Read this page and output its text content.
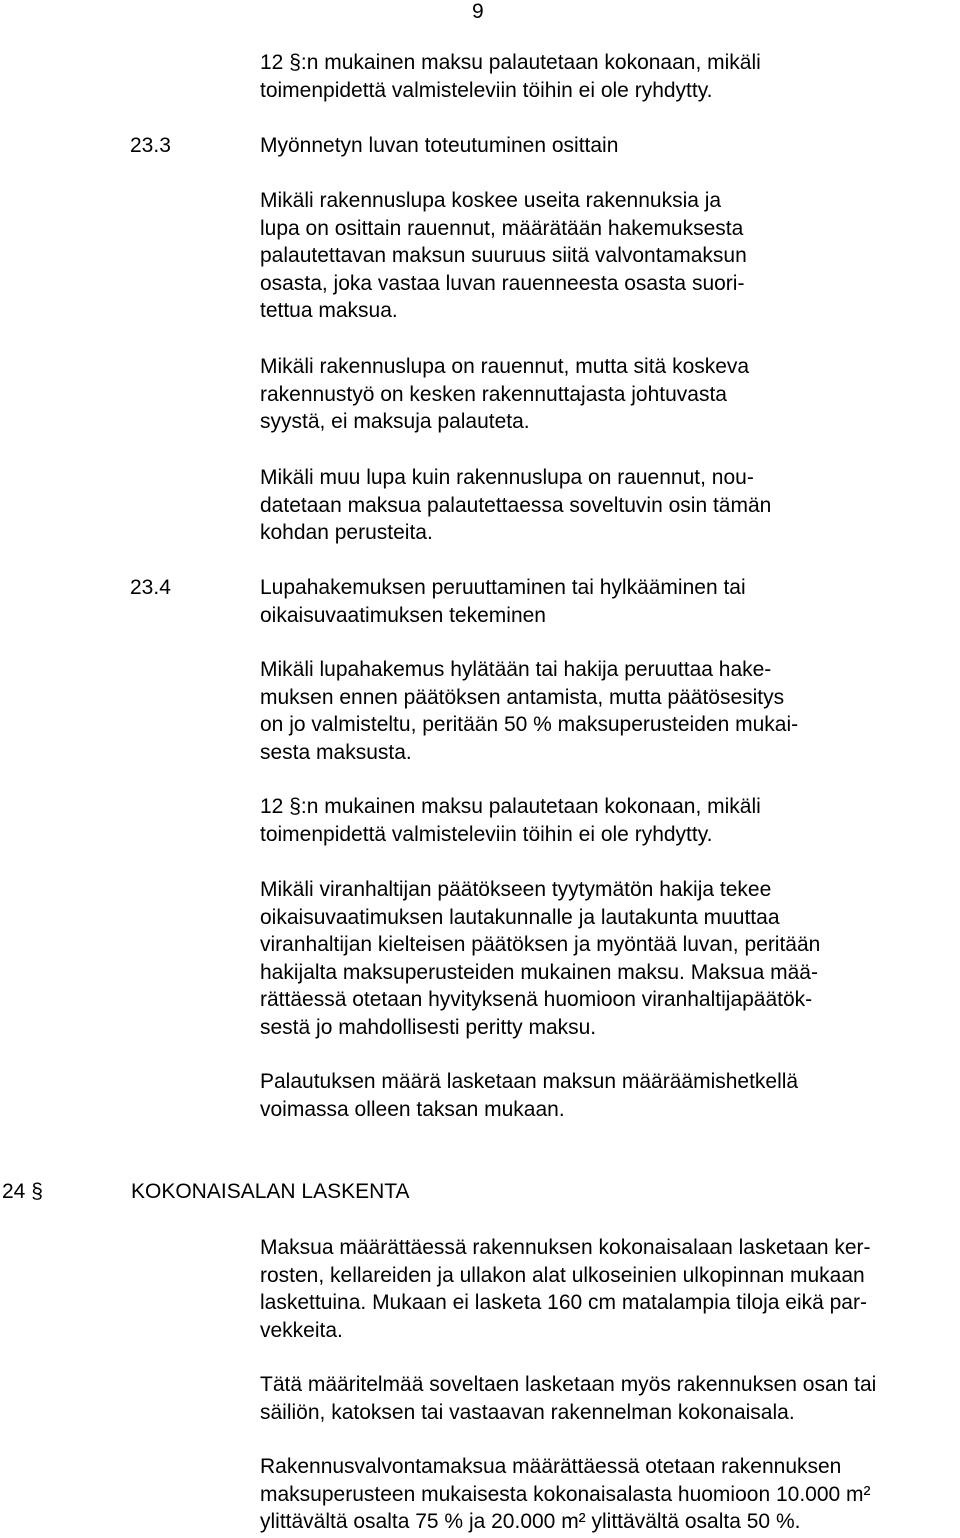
9
12 §:n mukainen maksu palautetaan kokonaan, mikäli
toimenpidettä valmisteleviin töihin ei ole ryhdytty.
23.3	Myönnetyn luvan toteutuminen osittain
Mikäli rakennuslupa koskee useita rakennuksia ja
lupa on osittain rauennut, määrätään hakemuksesta
palautettavan maksun suuruus siitä valvontamaksun
osasta, joka vastaa luvan rauenneesta osasta suori-
tettua maksua.
Mikäli rakennuslupa on rauennut, mutta sitä koskeva
rakennustyö on kesken rakennuttajasta johtuvasta
syystä, ei maksuja palauteta.
Mikäli muu lupa kuin rakennuslupa on rauennut, nou-
datetaan maksua palautettaessa soveltuvin osin tämän
kohdan perusteita.
23.4	Lupahakemuksen peruuttaminen tai hylkääminen tai
oikaisuvaatimuksen tekeminen
Mikäli lupahakemus hylätään tai hakija peruuttaa hake-
muksen ennen päätöksen antamista, mutta päätösesitys
on jo valmisteltu, peritään 50 % maksuperusteiden mukai-
sesta maksusta.
12 §:n mukainen maksu palautetaan kokonaan, mikäli
toimenpidettä valmisteleviin töihin ei ole ryhdytty.
Mikäli viranhaltijan päätökseen tyytymätön hakija tekee
oikaisuvaatimuksen lautakunnalle ja lautakunta muuttaa
viranhaltijan kielteisen päätöksen ja myöntää luvan, peritään
hakijalta maksuperusteiden mukainen maksu. Maksua mää-
rättäessä otetaan hyvityksenä huomioon viranhaltijapäätök-
sestä jo mahdollisesti peritty maksu.
Palautuksen määrä lasketaan maksun määräämishetkellä
voimassa olleen taksan mukaan.
24 §	KOKONAISALAN LASKENTA
Maksua määrättäessä rakennuksen kokonaisalaan lasketaan ker-
rosten, kellareiden ja ullakon alat ulkoseinien ulkopinnan mukaan
laskettuina. Mukaan ei lasketa 160 cm matalampia tiloja eikä par-
vekkeita.
Tätä määritelmää soveltaen lasketaan myös rakennuksen osan tai
säiliön, katoksen tai vastaavan rakennelman kokonaisala.
Rakennusvalvontamaksua määrättäessä otetaan rakennuksen
maksuperusteen mukaisesta kokonaisalasta huomioon 10.000 m²
ylittävältä osalta 75 % ja 20.000 m² ylittävältä osalta 50 %.
